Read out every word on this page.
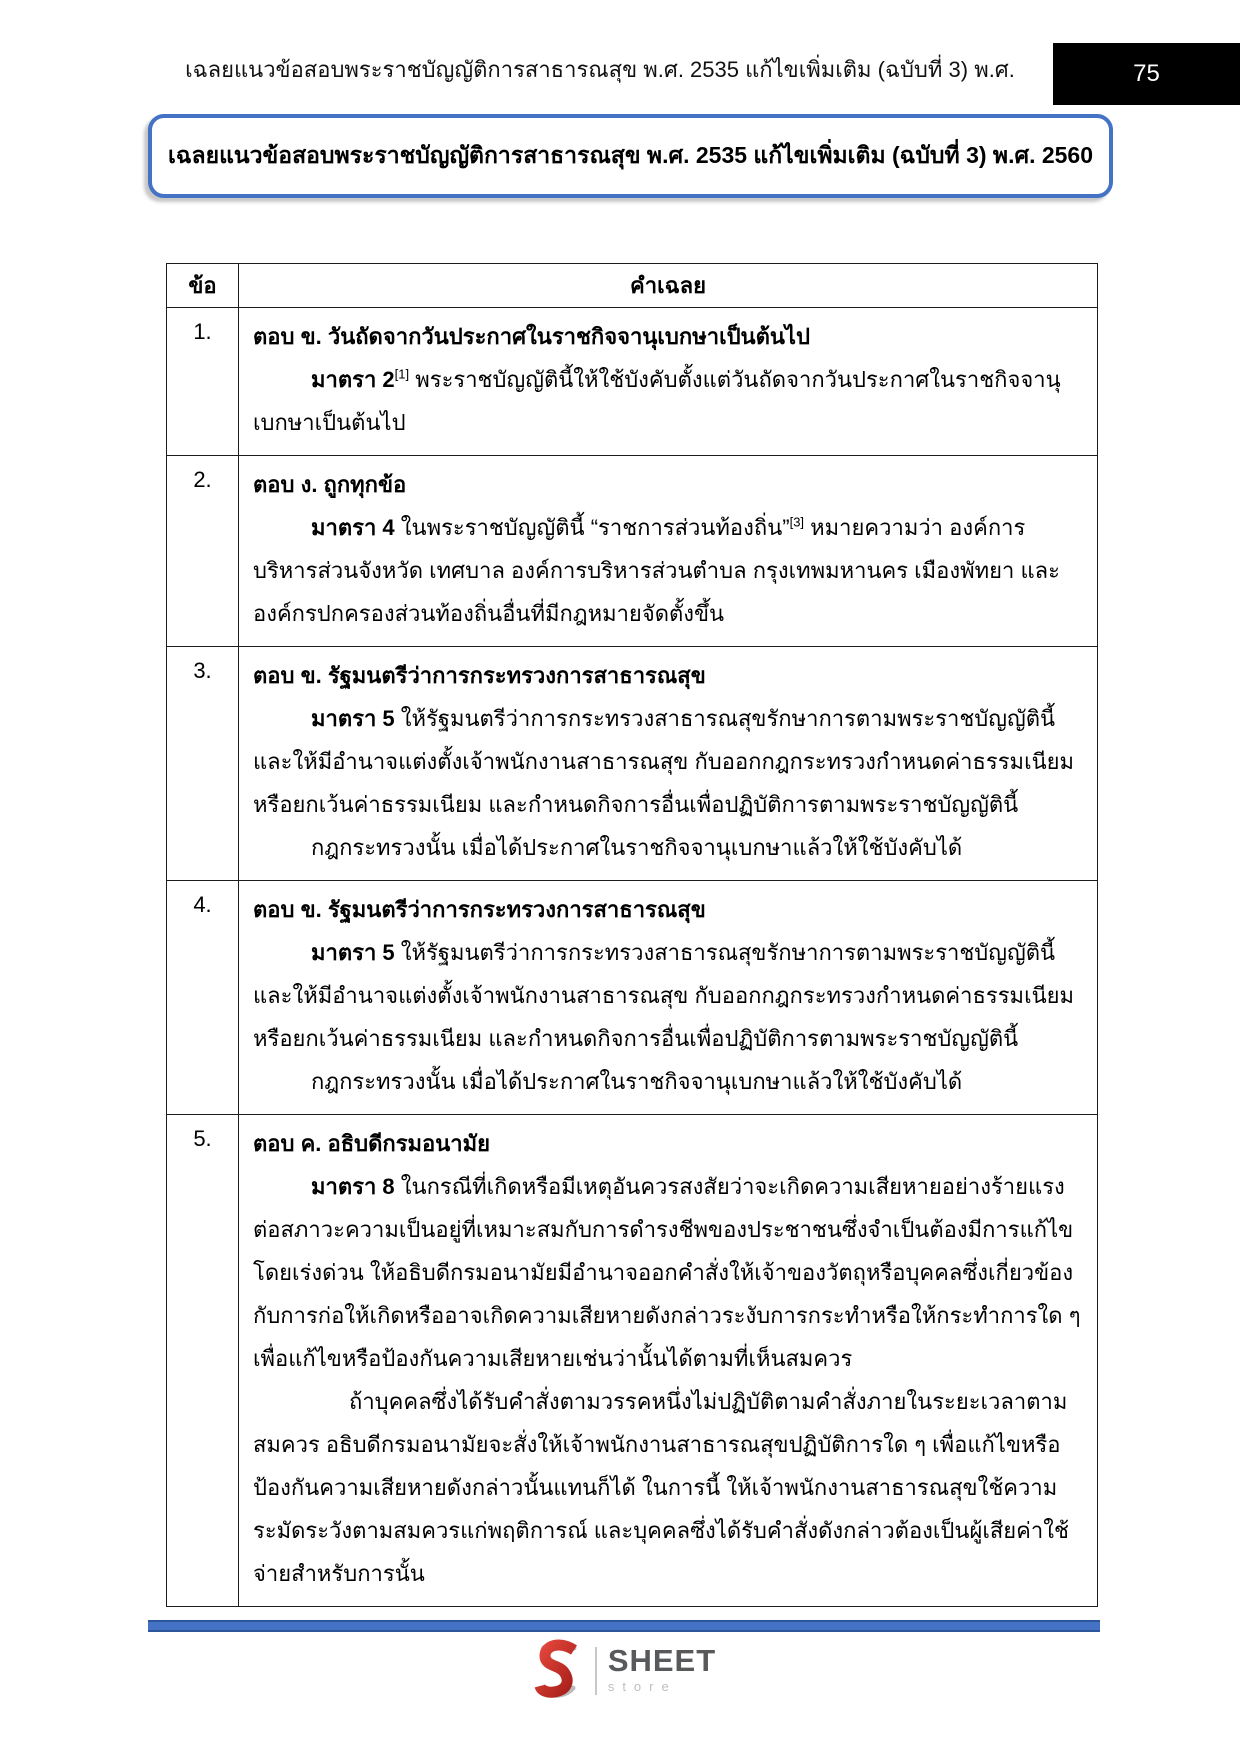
เฉลยแนวข้อสอบพระราชบัญญัติการสาธารณสุข พ.ศ. 2535 แก้ไขเพิ่มเติม (ฉบับที่ 3) พ.ศ.	75
เฉลยแนวข้อสอบพระราชบัญญัติการสาธารณสุข พ.ศ. 2535 แก้ไขเพิ่มเติม (ฉบับที่ 3) พ.ศ. 2560
ข้อ	คำเฉลย
1.	ตอบ ข. วันถัดจากวันประกาศในราชกิจจานุเบกษาเป็นต้นไป

มาตรา 2[1] พระราชบัญญัตินี้ให้ใช้บังคับตั้งแต่วันถัดจากวันประกาศในราชกิจจานุเบกษาเป็นต้นไป

2.	ตอบ ง. ถูกทุกข้อ

มาตรา 4 ในพระราชบัญญัตินี้ “ราชการส่วนท้องถิ่น”[3] หมายความว่า องค์การบริหารส่วนจังหวัด เทศบาล องค์การบริหารส่วนตำบล กรุงเทพมหานคร เมืองพัทยา และองค์กรปกครองส่วนท้องถิ่นอื่นที่มีกฎหมายจัดตั้งขึ้น

3.	ตอบ ข. รัฐมนตรีว่าการกระทรวงการสาธารณสุข

มาตรา 5 ให้รัฐมนตรีว่าการกระทรวงสาธารณสุขรักษาการตามพระราชบัญญัตินี้ และให้มีอำนาจแต่งตั้งเจ้าพนักงานสาธารณสุข กับออกกฎกระทรวงกำหนดค่าธรรมเนียมหรือยกเว้นค่าธรรมเนียม และกำหนดกิจการอื่นเพื่อปฏิบัติการตามพระราชบัญญัตินี้

กฎกระทรวงนั้น เมื่อได้ประกาศในราชกิจจานุเบกษาแล้วให้ใช้บังคับได้

4.	ตอบ ข. รัฐมนตรีว่าการกระทรวงการสาธารณสุข

มาตรา 5 ให้รัฐมนตรีว่าการกระทรวงสาธารณสุขรักษาการตามพระราชบัญญัตินี้ และให้มีอำนาจแต่งตั้งเจ้าพนักงานสาธารณสุข กับออกกฎกระทรวงกำหนดค่าธรรมเนียมหรือยกเว้นค่าธรรมเนียม และกำหนดกิจการอื่นเพื่อปฏิบัติการตามพระราชบัญญัตินี้

กฎกระทรวงนั้น เมื่อได้ประกาศในราชกิจจานุเบกษาแล้วให้ใช้บังคับได้

5.	ตอบ ค. อธิบดีกรมอนามัย

มาตรา 8 ในกรณีที่เกิดหรือมีเหตุอันควรสงสัยว่าจะเกิดความเสียหายอย่างร้ายแรงต่อสภาวะความเป็นอยู่ที่เหมาะสมกับการดำรงชีพของประชาชนซึ่งจำเป็นต้องมีการแก้ไขโดยเร่งด่วน ให้อธิบดีกรมอนามัยมีอำนาจออกคำสั่งให้เจ้าของวัตถุหรือบุคคลซึ่งเกี่ยวข้องกับการก่อให้เกิดหรืออาจเกิดความเสียหายดังกล่าวระงับการกระทำหรือให้กระทำการใด ๆ เพื่อแก้ไขหรือป้องกันความเสียหายเช่นว่านั้นได้ตามที่เห็นสมควร

ถ้าบุคคลซึ่งได้รับคำสั่งตามวรรคหนึ่งไม่ปฏิบัติตามคำสั่งภายในระยะเวลาตามสมควร อธิบดีกรมอนามัยจะสั่งให้เจ้าพนักงานสาธารณสุขปฏิบัติการใด ๆ เพื่อแก้ไขหรือป้องกันความเสียหายดังกล่าวนั้นแทนก็ได้ ในการนี้ ให้เจ้าพนักงานสาธารณสุขใช้ความระมัดระวังตามสมควรแก่พฤติการณ์ และบุคคลซึ่งได้รับคำสั่งดังกล่าวต้องเป็นผู้เสียค่าใช้จ่ายสำหรับการนั้น

SHEET
store
